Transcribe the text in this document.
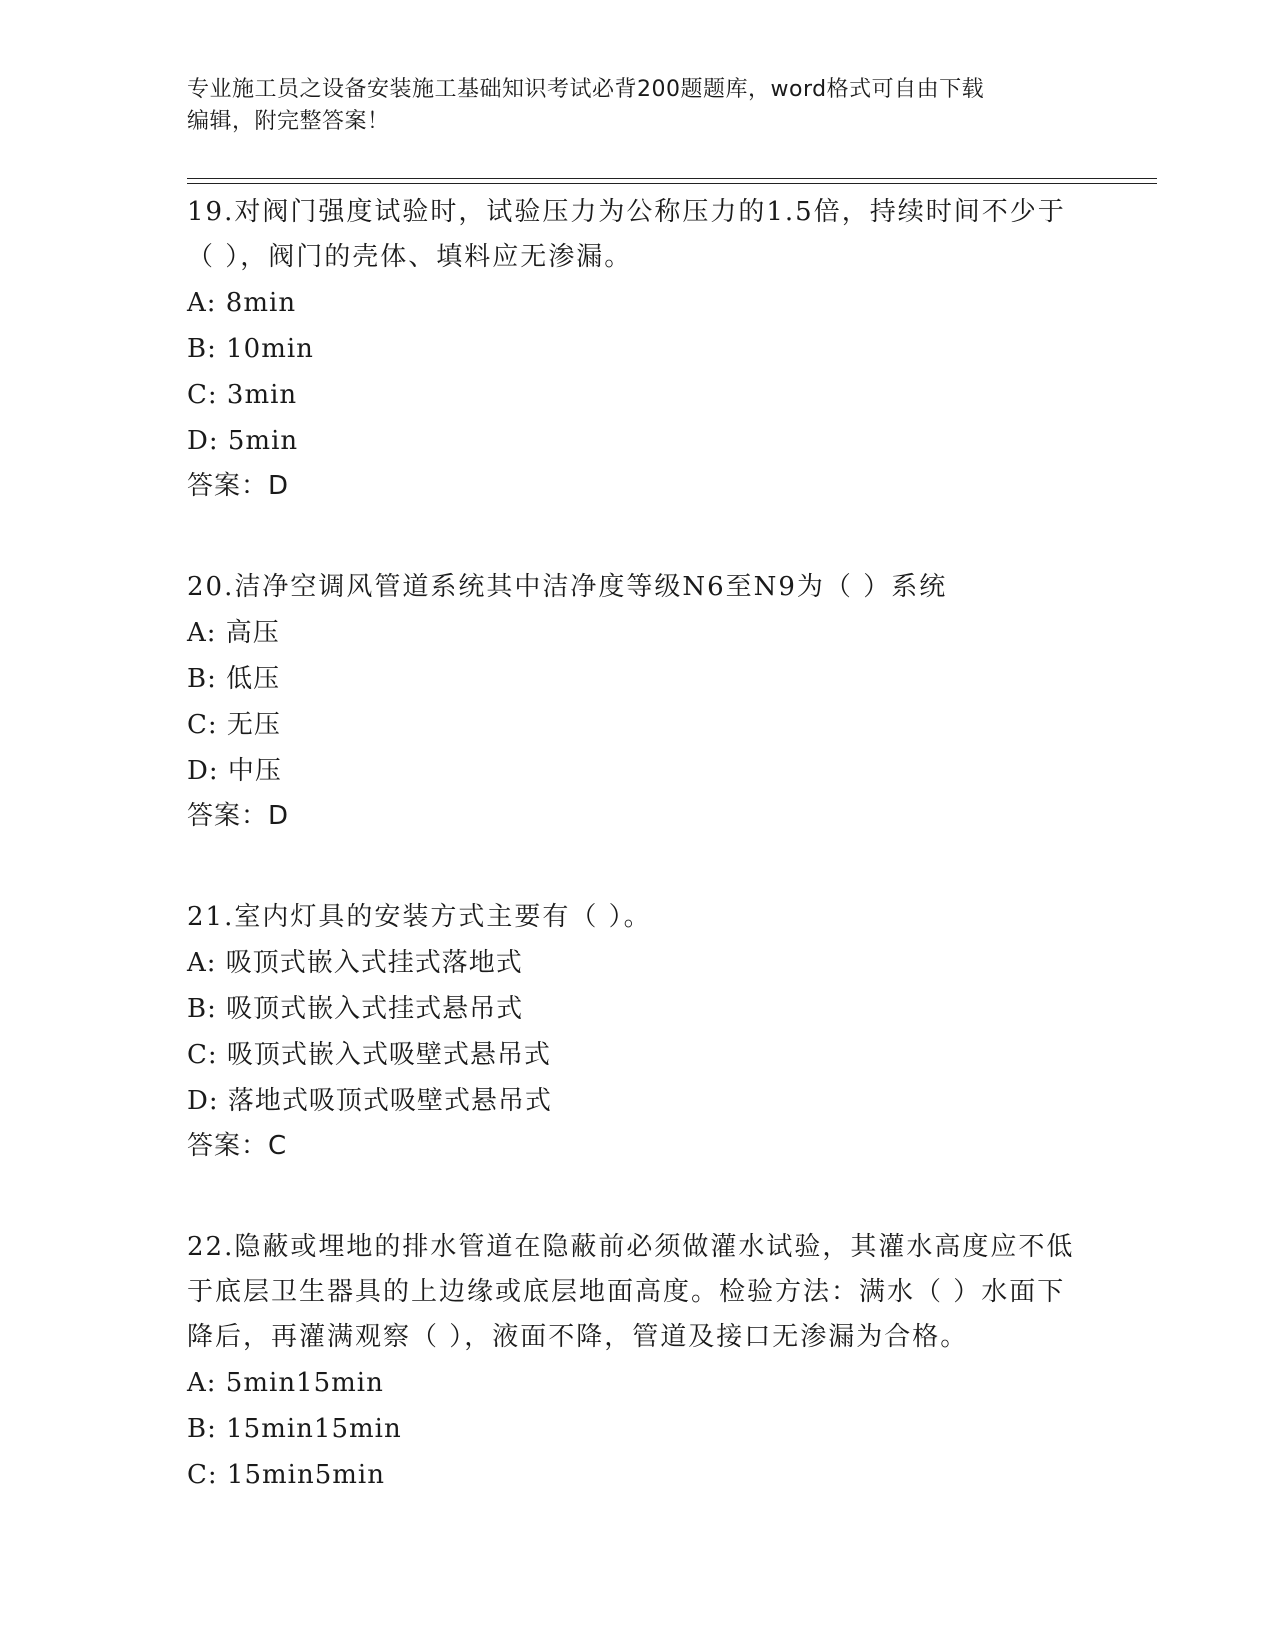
专业施工员之设备安装施工基础知识考试必背200题题库，word格式可自由下载
编辑，附完整答案！
19.对阀门强度试验时，试验压力为公称压力的1.5倍，持续时间不少于（ ），阀门的壳体、填料应无渗漏。
A: 8min
B: 10min
C: 3min
D: 5min
答案：D
20.洁净空调风管道系统其中洁净度等级N6至N9为（ ）系统
A: 高压
B: 低压
C: 无压
D: 中压
答案：D
21.室内灯具的安装方式主要有（ ）。
A: 吸顶式嵌入式挂式落地式
B: 吸顶式嵌入式挂式悬吊式
C: 吸顶式嵌入式吸壁式悬吊式
D: 落地式吸顶式吸壁式悬吊式
答案：C
22.隐蔽或埋地的排水管道在隐蔽前必须做灌水试验，其灌水高度应不低于底层卫生器具的上边缘或底层地面高度。检验方法：满水（ ）水面下降后，再灌满观察（ ），液面不降，管道及接口无渗漏为合格。
A: 5min15min
B: 15min15min
C: 15min5min
